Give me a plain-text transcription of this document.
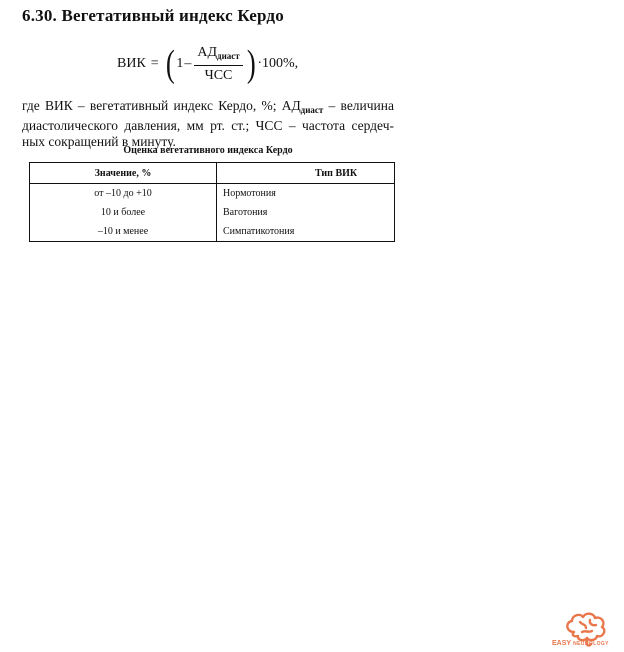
6.30. Вегетативный индекс Кердо
ВИК = ( $1 - \frac{АД_{диаст}}{\text{ЧСС}}$ ) ·100%,
где ВИК – вегетативный индекс Кердо, %; $АД_{диаст}$ – величина
диастолического давления, мм рт. ст.; ЧСС – частота сердеч-
ных сокращений в минуту.
Оценка вегетативного индекса Кердо
Значение, %	Тип ВИК
от –10 до +10	Нормотония
10 и более	Ваготония
–10 и менее	Симпатикотония
EASY NEUROLOGY
